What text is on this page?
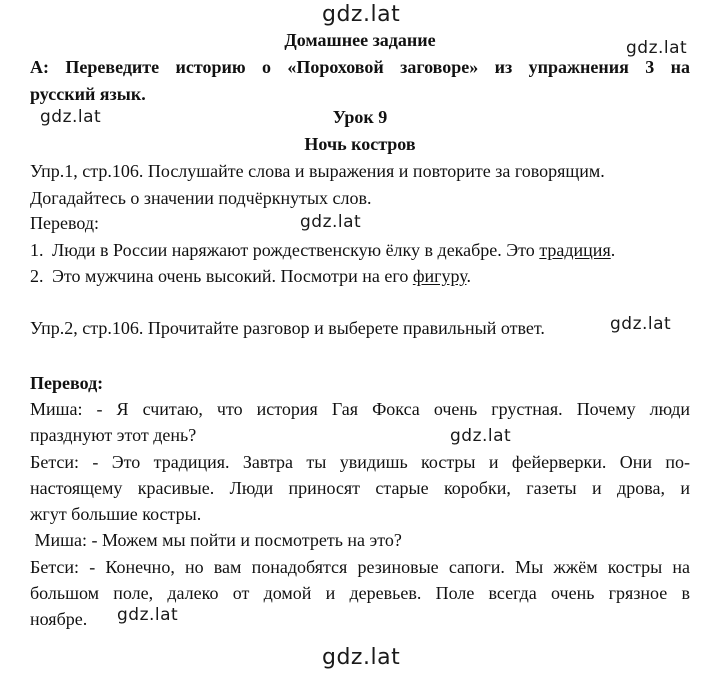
gdz.lat
gdz.lat
gdz.lat
gdz.lat
gdz.lat
gdz.lat
gdz.lat
gdz.lat
Домашнее задание
А: Переведите историю о «Пороховой заговоре» из упражнения 3 на
русский язык.
Урок 9
Ночь костров
Упр.1, стр.106. Послушайте слова и выражения и повторите за говорящим.
Догадайтесь о значении подчёркнутых слов.
Перевод:
1. Люди в России наряжают рождественскую ёлку в декабре. Это традиция.
2. Это мужчина очень высокий. Посмотри на его фигуру.
Упр.2, стр.106. Прочитайте разговор и выберете правильный ответ.
Перевод:
Миша: - Я считаю, что история Гая Фокса очень грустная. Почему люди
празднуют этот день?
Бетси: - Это традиция. Завтра ты увидишь костры и фейерверки. Они по-
настоящему красивые. Люди приносят старые коробки, газеты и дрова, и
жгут большие костры.
Миша: - Можем мы пойти и посмотреть на это?
Бетси: - Конечно, но вам понадобятся резиновые сапоги. Мы жжём костры на
большом поле, далеко от домой и деревьев. Поле всегда очень грязное в
ноябре.
